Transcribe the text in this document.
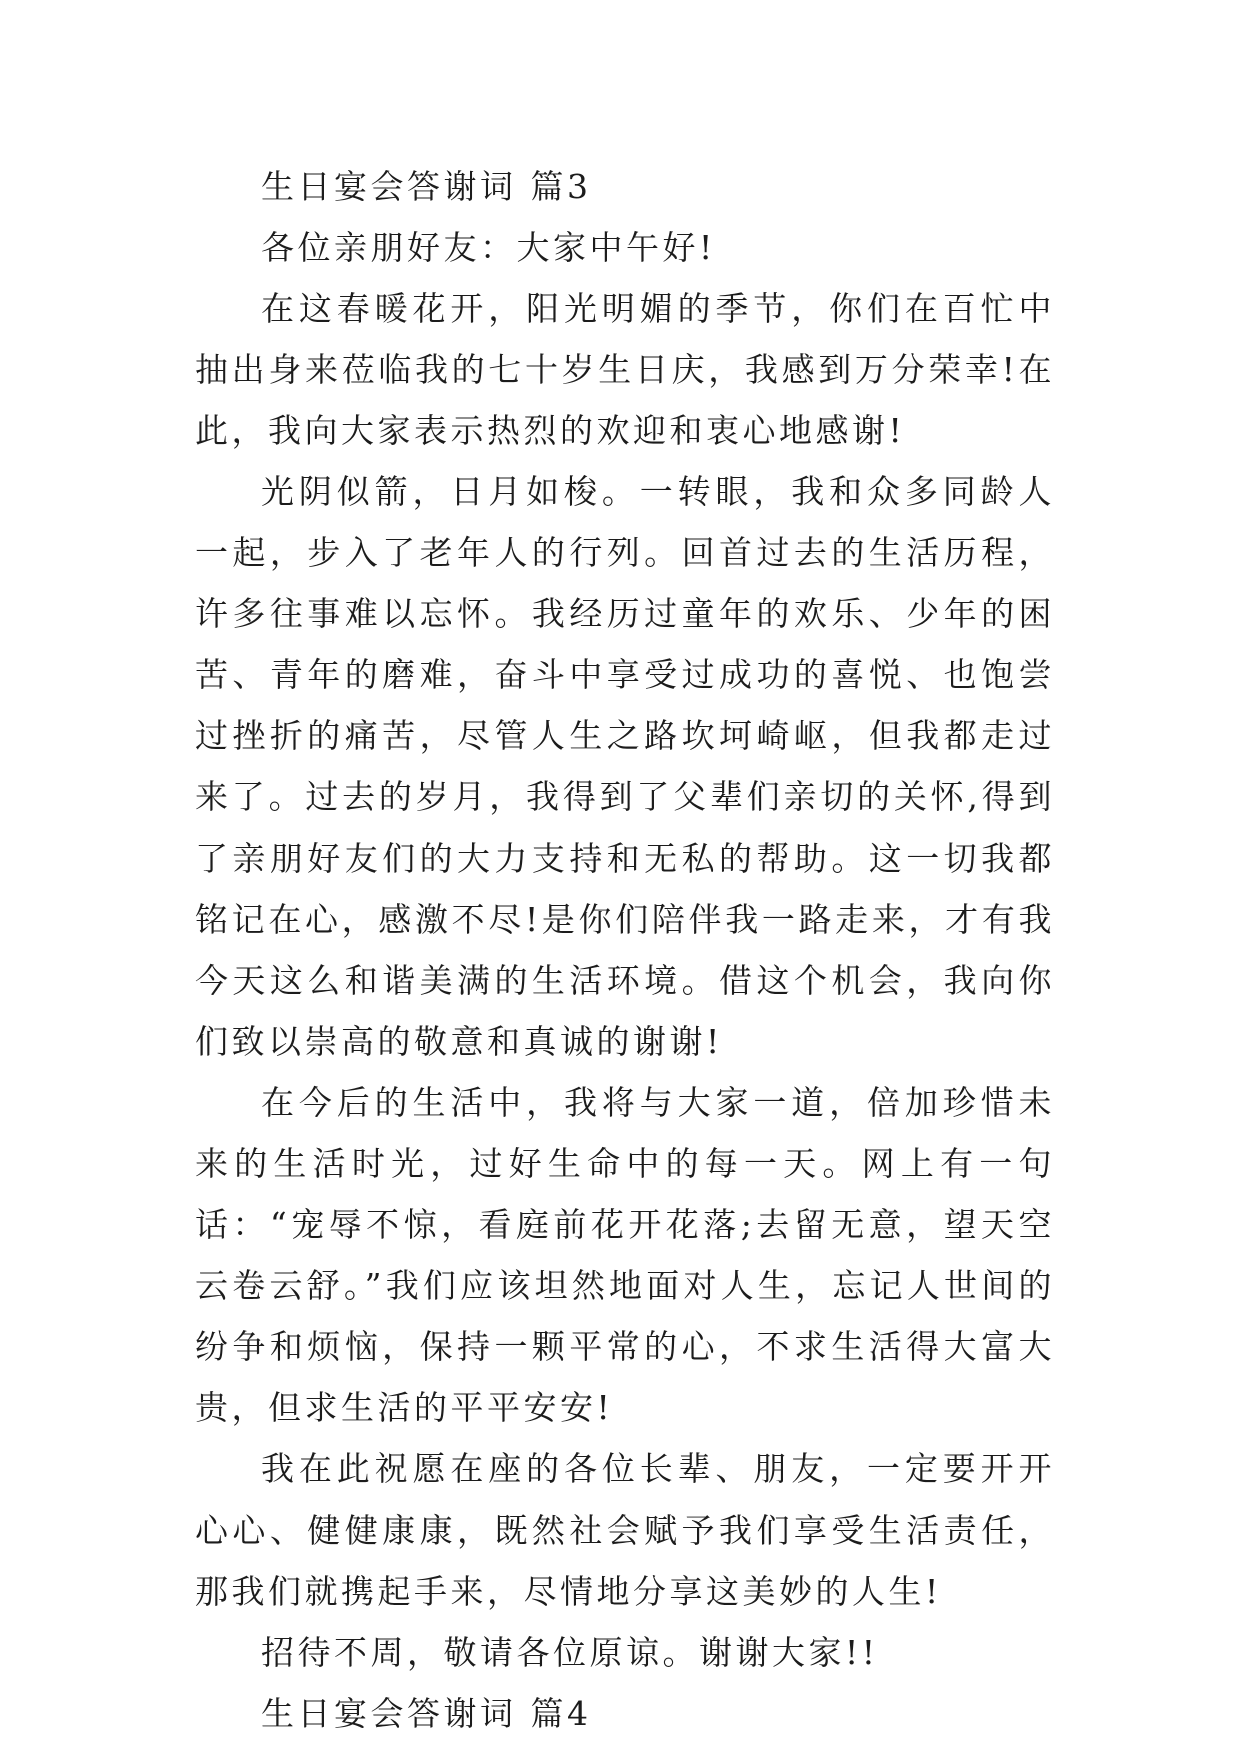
生日宴会答谢词 篇3

各位亲朋好友：大家中午好!

在这春暖花开，阳光明媚的季节，你们在百忙中抽出身来莅临我的七十岁生日庆，我感到万分荣幸!在此，我向大家表示热烈的欢迎和衷心地感谢!

光阴似箭，日月如梭。一转眼，我和众多同龄人一起，步入了老年人的行列。回首过去的生活历程，许多往事难以忘怀。我经历过童年的欢乐、少年的困苦、青年的磨难，奋斗中享受过成功的喜悦、也饱尝过挫折的痛苦，尽管人生之路坎坷崎岖，但我都走过来了。过去的岁月，我得到了父辈们亲切的关怀,得到了亲朋好友们的大力支持和无私的帮助。这一切我都铭记在心，感激不尽!是你们陪伴我一路走来，才有我今天这么和谐美满的生活环境。借这个机会，我向你们致以崇高的敬意和真诚的谢谢!

在今后的生活中，我将与大家一道，倍加珍惜未来的生活时光，过好生命中的每一天。网上有一句话：“宠辱不惊，看庭前花开花落;去留无意，望天空云卷云舒。”我们应该坦然地面对人生，忘记人世间的纷争和烦恼，保持一颗平常的心，不求生活得大富大贵，但求生活的平平安安!

我在此祝愿在座的各位长辈、朋友，一定要开开心心、健健康康，既然社会赋予我们享受生活责任，那我们就携起手来，尽情地分享这美妙的人生!

招待不周，敬请各位原谅。谢谢大家!!

生日宴会答谢词 篇4
